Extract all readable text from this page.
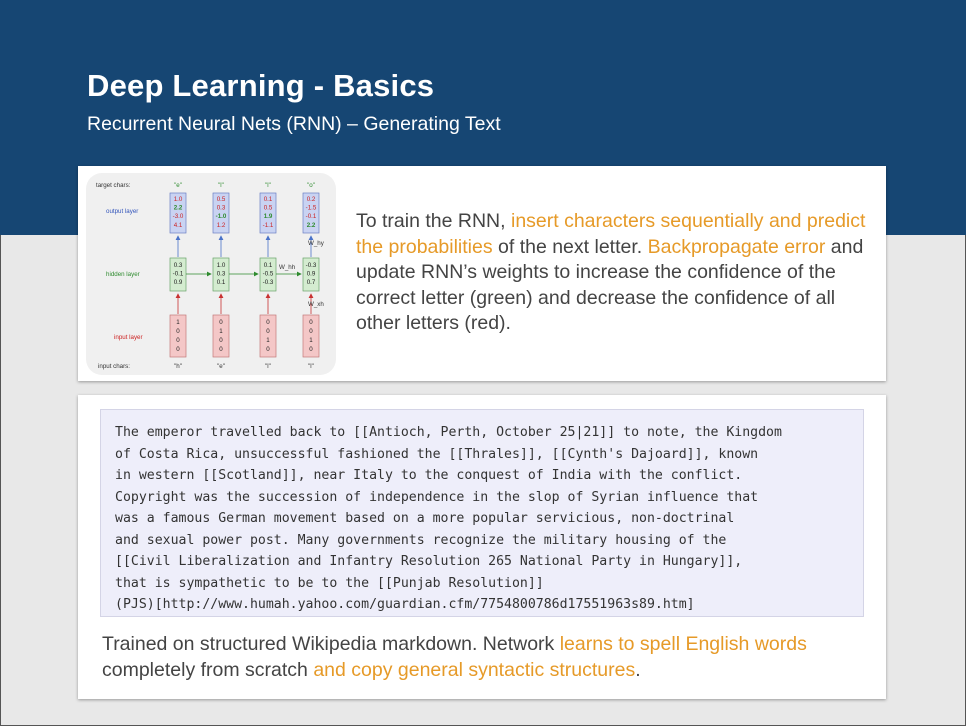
Deep Learning - Basics
Recurrent Neural Nets (RNN) – Generating Text
target chars:
output layer
hidden layer
input layer
input chars:
"e"
1.0
2.2
-3.0
4.1
0.3
-0.1
0.9
1
0
0
0
"h"
"l"
0.5
0.3
-1.0
1.2
1.0
0.3
0.1
0
1
0
0
"e"
"l"
0.1
0.5
1.9
-1.1
0.1
-0.5
-0.3
0
0
1
0
"l"
"o"
0.2
-1.5
-0.1
2.2
-0.3
0.9
0.7
0
0
1
0
"l"
W_hy
W_hh
W_xh
To train the RNN, insert characters sequentially and predict the probabilities of the next letter. Backpropagate error and update RNN’s weights to increase the confidence of the correct letter (green) and decrease the confidence of all other letters (red).
The emperor travelled back to [[Antioch, Perth, October 25|21]] to note, the Kingdom
of Costa Rica, unsuccessful fashioned the [[Thrales]], [[Cynth's Dajoard]], known
in western [[Scotland]], near Italy to the conquest of India with the conflict.
Copyright was the succession of independence in the slop of Syrian influence that
was a famous German movement based on a more popular servicious, non-doctrinal
and sexual power post. Many governments recognize the military housing of the
[[Civil Liberalization and Infantry Resolution 265 National Party in Hungary]],
that is sympathetic to be to the [[Punjab Resolution]]
(PJS)[http://www.humah.yahoo.com/guardian.cfm/7754800786d17551963s89.htm]
Trained on structured Wikipedia markdown. Network learns to spell English words completely from scratch and copy general syntactic structures.
